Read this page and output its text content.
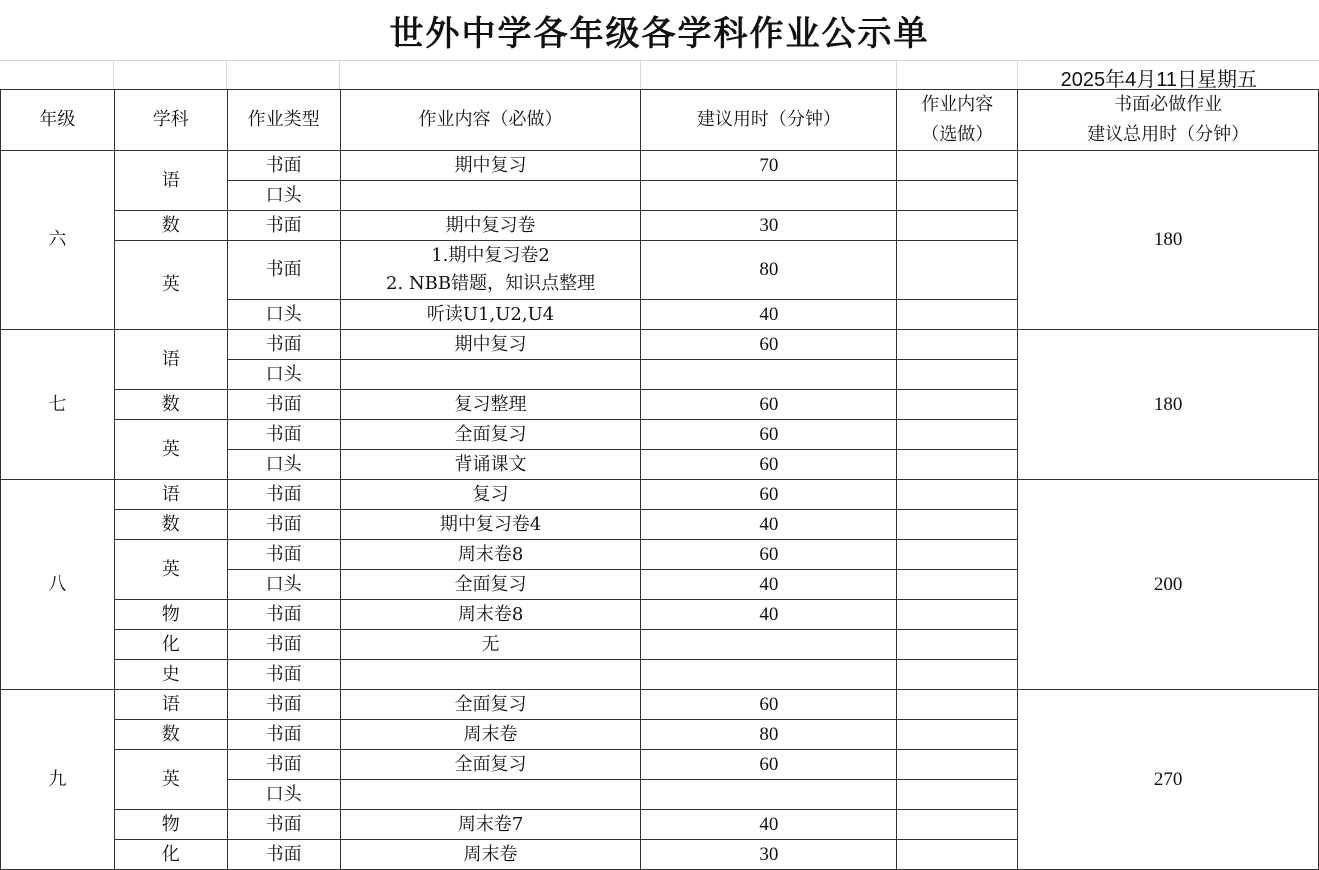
世外中学各年级各学科作业公示单
2025年4月11日星期五
年级	学科	作业类型	作业内容（必做）	建议用时（分钟）	作业内容
（选做）	书面必做作业
建议总用时（分钟）

六	语	书面	期中复习	70		180
		口头				
	数	书面	期中复习卷	30		
	英	书面	1.期中复习卷2
2. NBB错题，知识点整理	80		
		口头	听读U1,U2,U4	40		
七	语	书面	期中复习	60		180
		口头				
	数	书面	复习整理	60		
	英	书面	全面复习	60		
		口头	背诵课文	60		
八	语	书面	复习	60		200
	数	书面	期中复习卷4	40		
	英	书面	周末卷8	60		
		口头	全面复习	40		
	物	书面	周末卷8	40		
	化	书面	无			
	史	书面				
九	语	书面	全面复习	60		270
	数	书面	周末卷	80		
	英	书面	全面复习	60		
		口头				
	物	书面	周末卷7	40		
	化	书面	周末卷	30		
